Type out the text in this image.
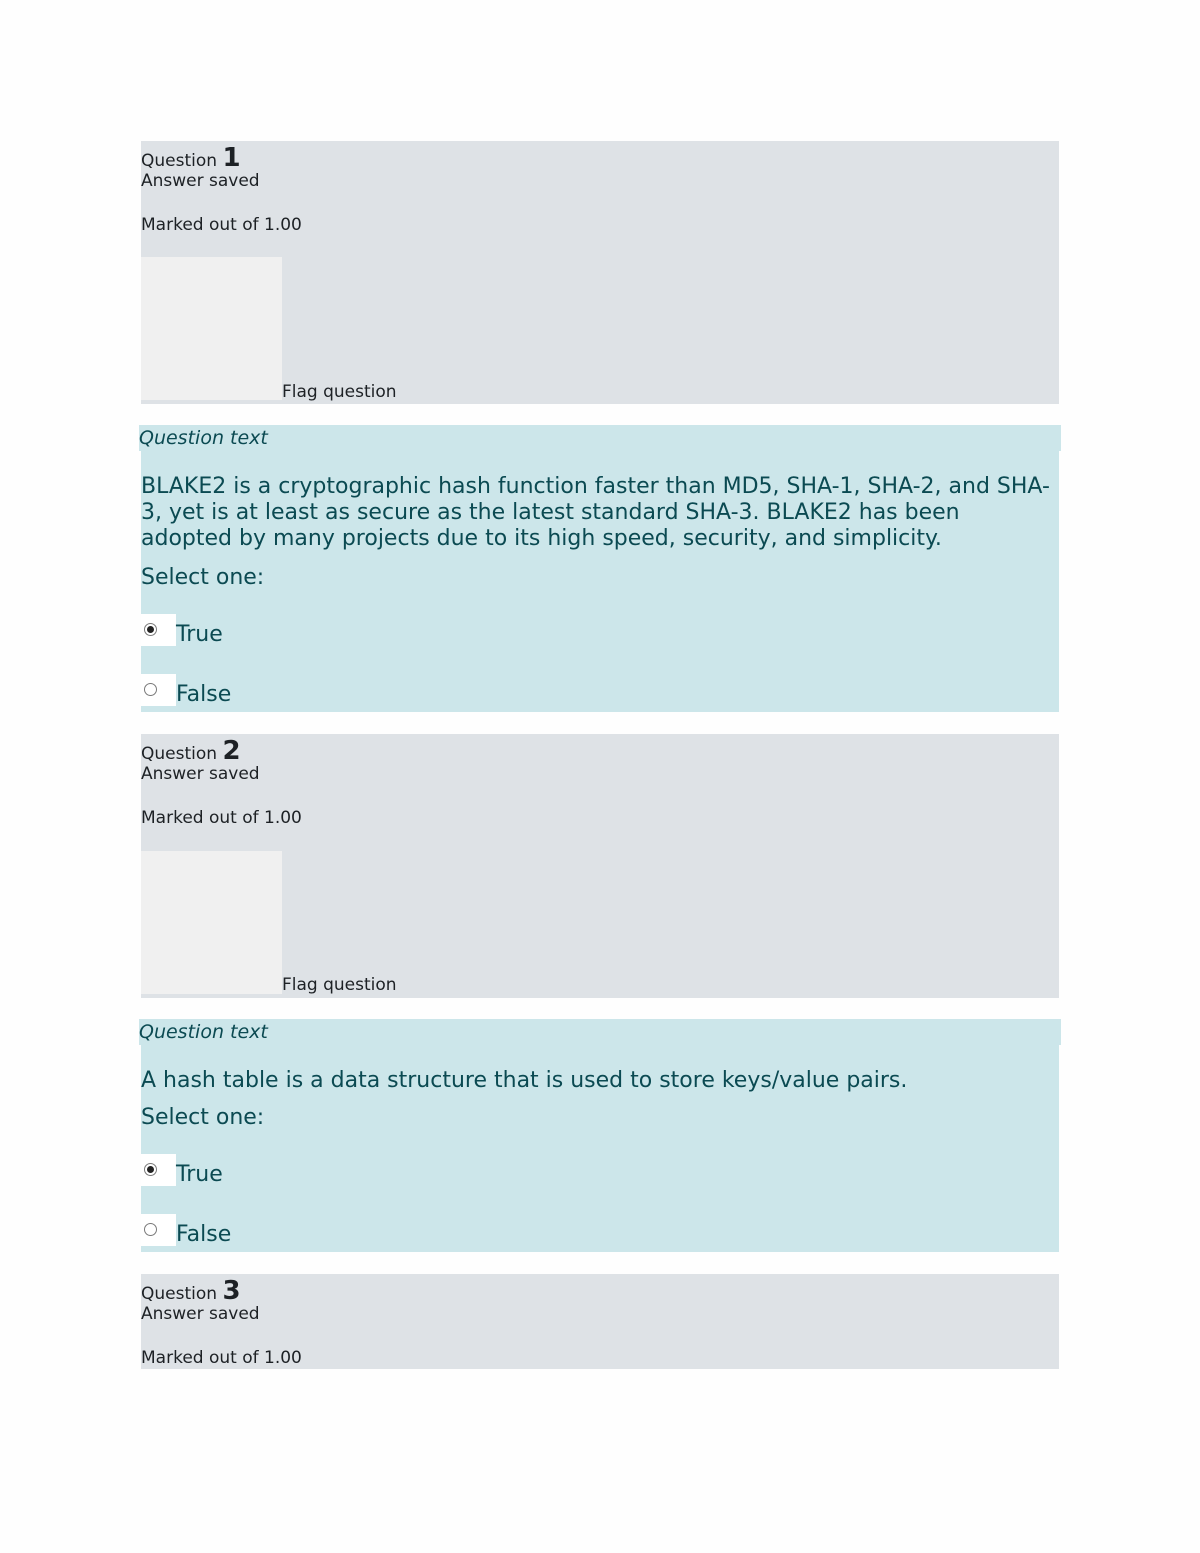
Question 1
Answer saved
Marked out of 1.00
Flag question
Question text

BLAKE2 is a cryptographic hash function faster than MD5, SHA-1, SHA-2, and SHA-3, yet is at least as secure as the latest standard SHA-3. BLAKE2 has been adopted by many projects due to its high speed, security, and simplicity.

Select one:
True
False
Question 2
Answer saved
Marked out of 1.00
Flag question
Question text

A hash table is a data structure that is used to store keys/value pairs.

Select one:
True
False
Question 3
Answer saved
Marked out of 1.00
